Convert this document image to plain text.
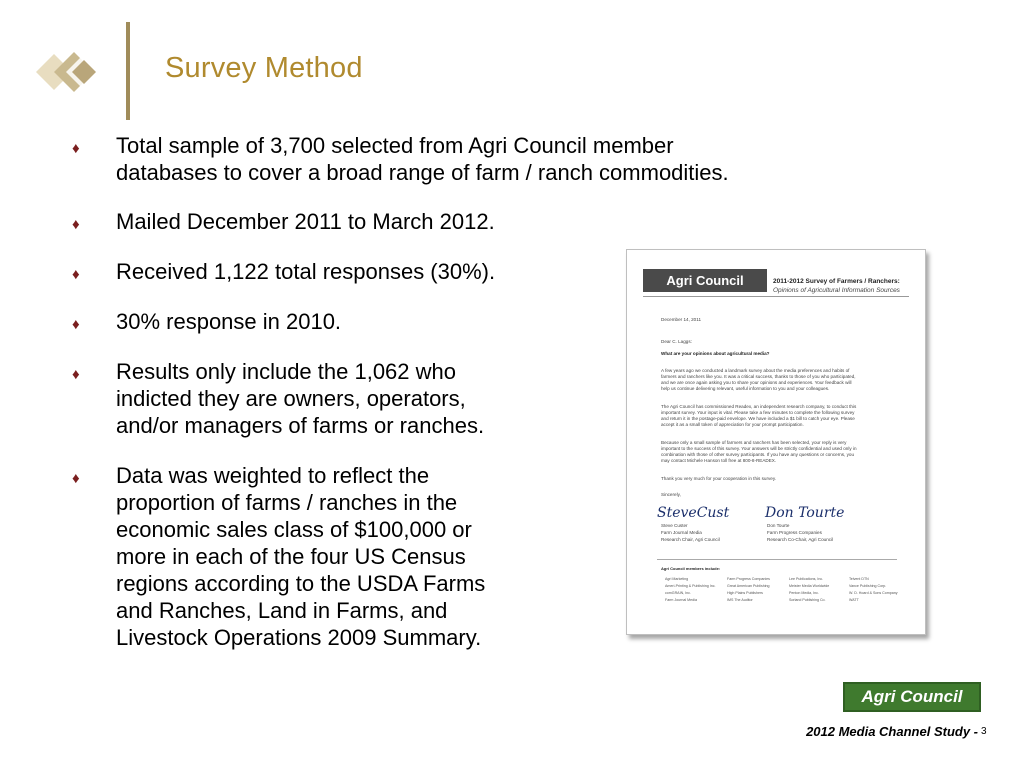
Survey Method
♦ Total sample of 3,700 selected from Agri Council member
databases to cover a broad range of farm / ranch commodities.
♦ Mailed December 2011 to March 2012.
♦ Received 1,122 total responses (30%).
♦ 30% response in 2010.
♦ Results only include the 1,062 who
indicted they are owners, operators,
and/or managers of farms or ranches.
♦ Data was weighted to reflect the
proportion of farms / ranches in the
economic sales class of $100,000 or
more in each of the four US Census
regions according to the USDA Farms
and Ranches, Land in Farms, and
Livestock Operations 2009 Summary.
Agri Council	2011-2012 Survey of Farmers / Ranchers:
Opinions of Agricultural Information Sources
December 14, 2011
Dear C. Laggs:
What are your opinions about agricultural media?
A few years ago we conducted a landmark survey about the media preferences and habits of
farmers and ranchers like you. It was a critical success, thanks to those of you who participated,
and we are once again asking you to share your opinions and experiences. Your feedback will
help us continue delivering relevant, useful information to you and your colleagues.
The Agri Council has commissioned Readex, an independent research company, to conduct this
important survey. Your input is vital. Please take a few minutes to complete the following survey
and return it in the postage-paid envelope. We have included a $1 bill to catch your eye. Please
accept it as a small token of appreciation for your prompt participation.
Because only a small sample of farmers and ranchers has been selected, your reply is very
important to the success of this survey. Your answers will be strictly confidential and used only in
combination with those of other survey participants. If you have any questions or concerns, you
may contact Michele Hanson toll free at 800-8-READEX.
Thank you very much for your cooperation in this survey.
Sincerely,
SteveCust	Don Tourte
Steve Custer
Farm Journal Media
Research Chair, Agri Council
Don Tourte
Farm Progress Companies
Research Co-Chair, Agri Council
Agri Council members include:
Agri Marketing	Farm Progress Companies	Lee Publications, Inc.	Telvent DTN
Ameri-Printing & Publishing Inc.	Great American Publishing	Meister Media Worldwide	Vance Publishing Corp.
comGRAIN, Inc.	High Plains Publishers	Penton Media, Inc.	W. D. Hoard & Sons Company
Farm Journal Media	IMS The Auditor	Sorland Publishing Co.	WATT
Agri Council
2012 Media Channel Study - 3
